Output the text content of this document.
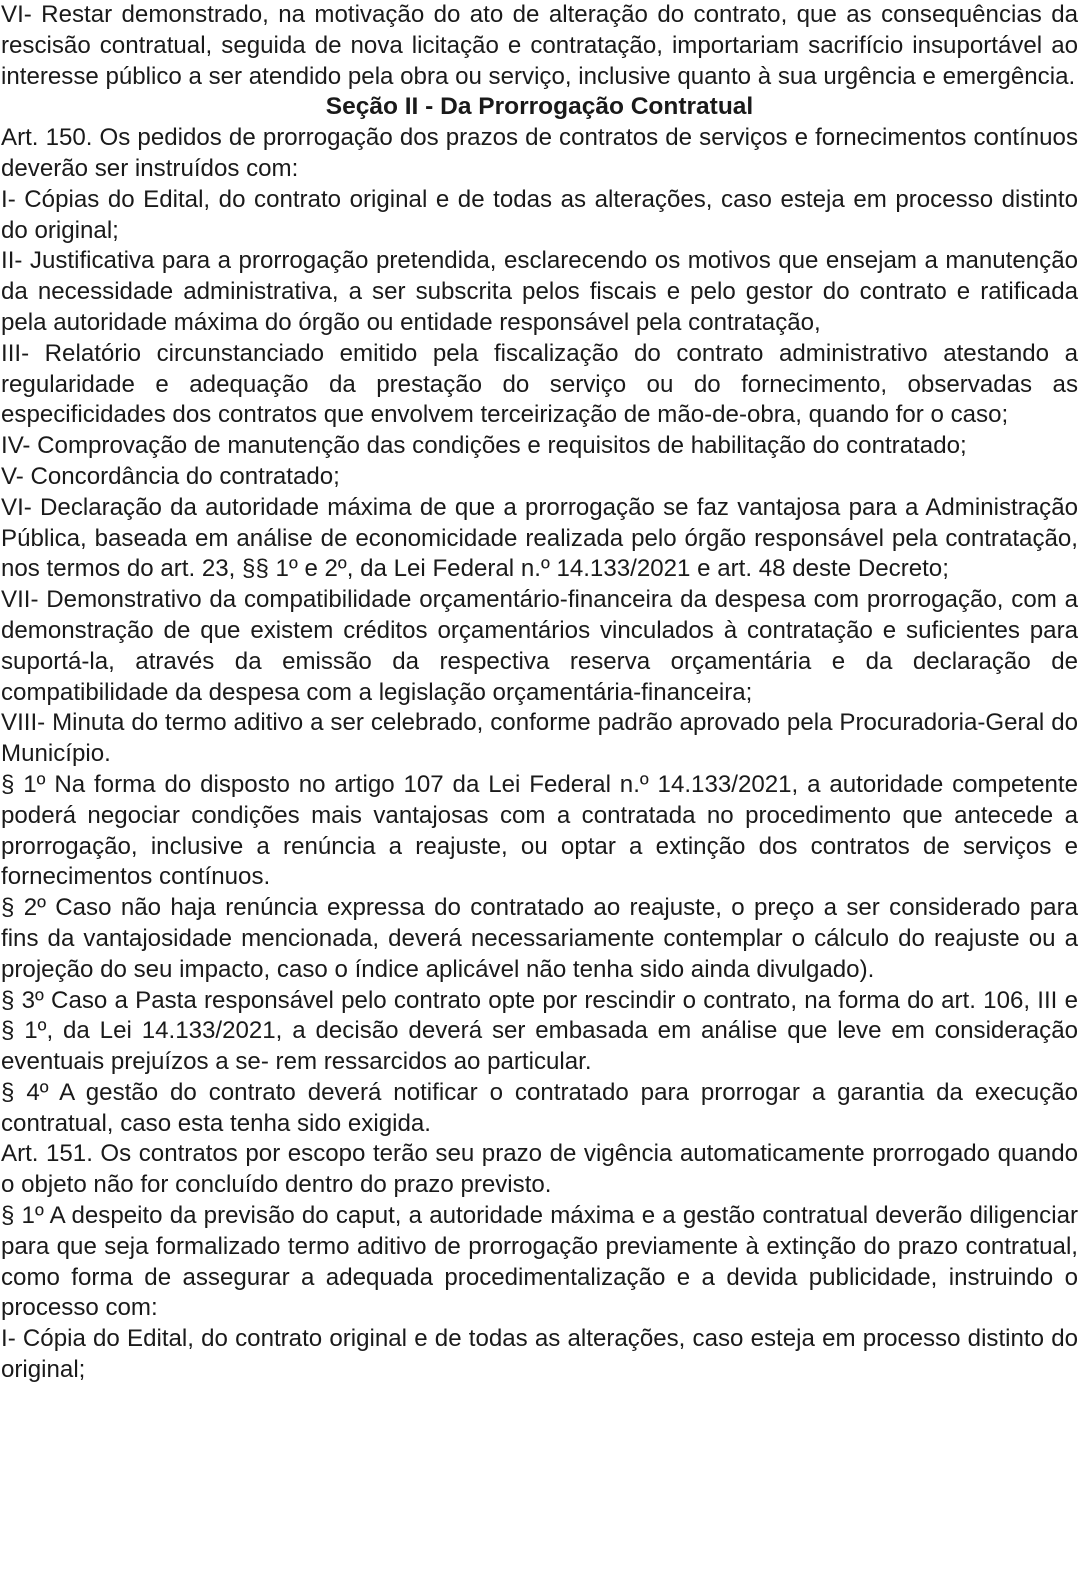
VI- Restar demonstrado, na motivação do ato de alteração do contrato, que as consequências da rescisão contratual, seguida de nova licitação e contratação, importariam sacrifício insuportável ao interesse público a ser atendido pela obra ou serviço, inclusive quanto à sua urgência e emergência.

Seção II - Da Prorrogação Contratual

Art. 150. Os pedidos de prorrogação dos prazos de contratos de serviços e fornecimentos contínuos deverão ser instruídos com:

I- Cópias do Edital, do contrato original e de todas as alterações, caso esteja em processo distinto do original;

II- Justificativa para a prorrogação pretendida, esclarecendo os motivos que ensejam a manutenção da necessidade administrativa, a ser subscrita pelos fiscais e pelo gestor do contrato e ratificada pela autoridade máxima do órgão ou entidade responsável pela contratação,

III- Relatório circunstanciado emitido pela fiscalização do contrato administrativo atestando a regularidade e adequação da prestação do serviço ou do fornecimento, observadas as especificidades dos contratos que envolvem terceirização de mão-de-obra, quando for o caso;

IV- Comprovação de manutenção das condições e requisitos de habilitação do contratado;

V- Concordância do contratado;

VI- Declaração da autoridade máxima de que a prorrogação se faz vantajosa para a Administração Pública, baseada em análise de economicidade realizada pelo órgão responsável pela contratação, nos termos do art. 23, §§ 1º e 2º, da Lei Federal n.º 14.133/2021 e art. 48 deste Decreto;

VII- Demonstrativo da compatibilidade orçamentário-financeira da despesa com prorrogação, com a demonstração de que existem créditos orçamentários vinculados à contratação e suficientes para suportá-la, através da emissão da respectiva reserva orçamentária e da declaração de compatibilidade da despesa com a legislação orçamentária-financeira;

VIII- Minuta do termo aditivo a ser celebrado, conforme padrão aprovado pela Procuradoria-Geral do Município.

§ 1º Na forma do disposto no artigo 107 da Lei Federal n.º 14.133/2021, a autoridade competente poderá negociar condições mais vantajosas com a contratada no procedimento que antecede a prorrogação, inclusive a renúncia a reajuste, ou optar a extinção dos contratos de serviços e fornecimentos contínuos.

§ 2º Caso não haja renúncia expressa do contratado ao reajuste, o preço a ser considerado para fins da vantajosidade mencionada, deverá necessariamente contemplar o cálculo do reajuste ou a projeção do seu impacto, caso o índice aplicável não tenha sido ainda divulgado).

§ 3º Caso a Pasta responsável pelo contrato opte por rescindir o contrato, na forma do art. 106, III e § 1º, da Lei 14.133/2021, a decisão deverá ser embasada em análise que leve em consideração eventuais prejuízos a se- rem ressarcidos ao particular.

§ 4º A gestão do contrato deverá notificar o contratado para prorrogar a garantia da execução contratual, caso esta tenha sido exigida.

Art. 151. Os contratos por escopo terão seu prazo de vigência automaticamente prorrogado quando o objeto não for concluído dentro do prazo previsto.

§ 1º A despeito da previsão do caput, a autoridade máxima e a gestão contratual deverão diligenciar para que seja formalizado termo aditivo de prorrogação previamente à extinção do prazo contratual, como forma de assegurar a adequada procedimentalização e a devida publicidade, instruindo o processo com:

I- Cópia do Edital, do contrato original e de todas as alterações, caso esteja em processo distinto do original;
